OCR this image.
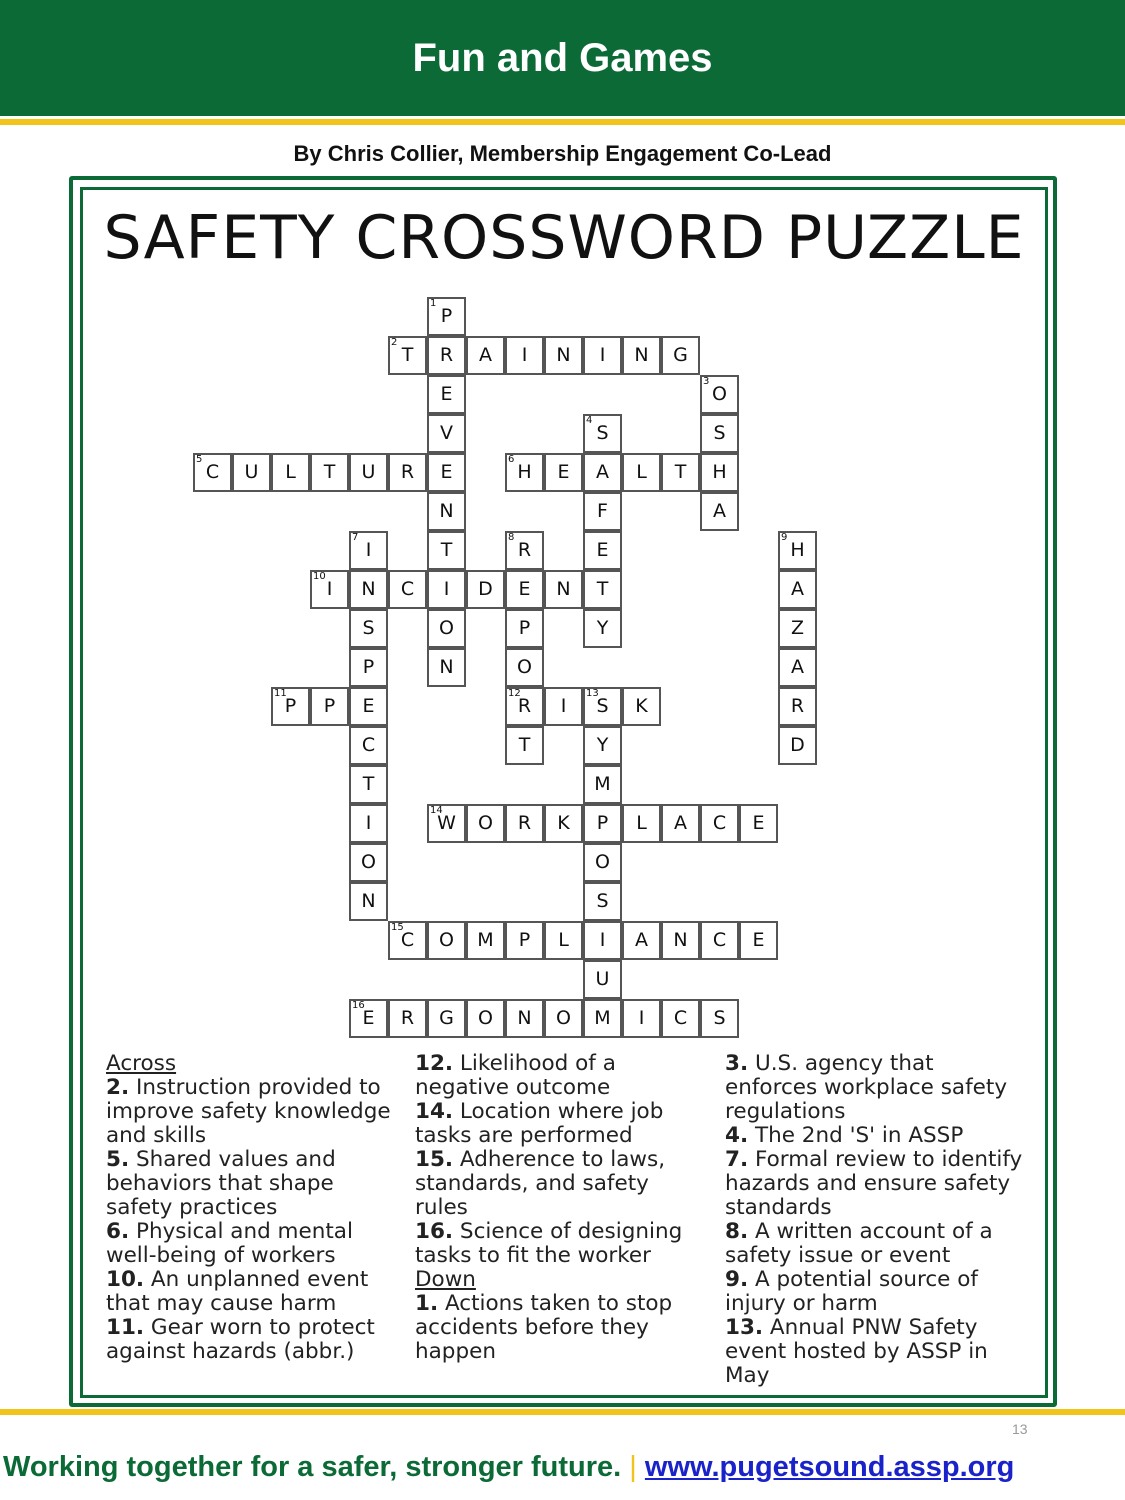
Fun and Games
By Chris Collier, Membership Engagement Co-Lead
SAFETY CROSSWORD PUZZLE
P
1
R
E
V
E
N
T
I
O
N
T
2
A	I	N	I	N	G
O
3
S
H
A
S
4
A
F
E
T
Y
C
5
U	L	T	U	R	H
6
E	L	T
I
7
N
S
P
E
C
T
I
O
N
R
8
E
P
O
R
12
T
H
9
A
Z
A
R
D
I
10
C	D	N
P
11
P	I	S
13
K
Y
M
P
O
S
I
U
M
W
14
O	R	K	L	A	C	E
C
15
O	M	P	L	A	N	C	E
E
16
R	G	O	N	O	I	C	S
Across
2. Instruction provided to improve safety knowledge and skills
5. Shared values and behaviors that shape safety practices
6. Physical and mental well-being of workers
10. An unplanned event that may cause harm
11. Gear worn to protect against hazards (abbr.)
12. Likelihood of a negative outcome
14. Location where job tasks are performed
15. Adherence to laws, standards, and safety rules
16. Science of designing tasks to fit the worker
Down
1. Actions taken to stop accidents before they happen
3. U.S. agency that enforces workplace safety regulations
4. The 2nd 'S' in ASSP
7. Formal review to identify hazards and ensure safety standards
8. A written account of a safety issue or event
9. A potential source of injury or harm
13. Annual PNW Safety event hosted by ASSP in May
13
Working together for a safer, stronger future. | www.pugetsound.assp.org
